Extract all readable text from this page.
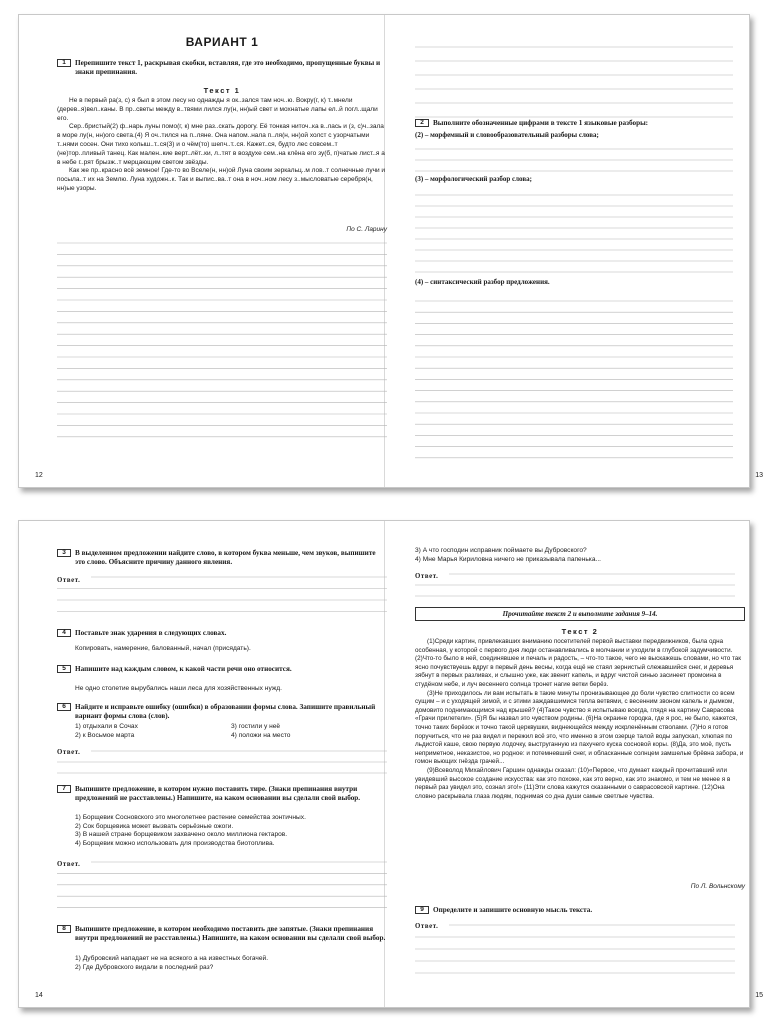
ВАРИАНТ 1
1	Перепишите текст 1, раскрывая скобки, вставляя, где это необходимо, пропущенные буквы и знаки препинания.
Текст 1

Не в первый ра(з, с) я был в этом лесу но однажды я ок..зался там ноч..ю. Вокру(г, к) т..мнели (дерев..я)вел..каны. В пр..светы между в..твями лился лу(н, нн)ый свет и мохнатые лапы ел..й погл..щали его.

Сер..бристый(2) ф..нарь луны помо(г, к) мне раз..скать дорогу. Её тонкая ниточ..ка в..лась и (з, с)ч..зала в море лу(н, нн)ого света.(4) Я оч..тился на п..ляне. Она напом..нала п..ля(н, нн)ой холст с узорчатыми т..нями сосен. Они тихо колыш..т..ся(3) и о чём(то) шепч..т..ся. Кажет..ся, будто лес совсем..т (не)тор..пливый танец. Как мален..кие верт..лёт..ки, л..тят в воздухе сем..на клёна его зу(б, п)чатые лист..я а в небе г..рят брызж..т мерцающим светом звёзды.

Как же пр..красно всё земное! Где-то во Вселе(н, нн)ой Луна своим зеркальц..м лов..т солнечные лучи и посыла..т их на Землю. Луна художн..к. Так и выпис..ва..т она в ноч..ном лесу з..мысловатые серебря(н, нн)ые узоры.

По С. Ларину
12
2	Выполните обозначенные цифрами в тексте 1 языковые разборы:
(2) – морфемный и словообразовательный разборы слова;
(3) – морфологический разбор слова;
(4) – синтаксический разбор предложения.
13
3	В выделенном предложении найдите слово, в котором буква меньше, чем звуков, выпишите это слово. Объясните причину данного явления.
Ответ.
4	Поставьте знак ударения в следующих словах.
Копировать, намерение, балованный, начал (присядать).
5	Напишите над каждым словом, к какой части речи оно относится.
Не одно столетие вырубались наши леса для хозяйственных нужд.
6	Найдите и исправьте ошибку (ошибки) в образовании формы слова. Запишите правильный вариант формы слова (слов).
1) отдыхали в Сочах	3) гостили у неё
2) к Восьмое марта	4) положи на место
Ответ.
7	Выпишите предложение, в котором нужно поставить тире. (Знаки препинания внутри предложений не расставлены.) Напишите, на каком основании вы сделали свой выбор.
1) Борщевик Сосновского это многолетнее растение семейства зонтичных.
2) Сок борщевика может вызвать серьёзные ожоги.
3) В нашей стране борщевиком захвачено около миллиона гектаров.
4) Борщевик можно использовать для производства биотоплива.
Ответ.
8	Выпишите предложение, в котором необходимо поставить две запятые. (Знаки препинания внутри предложений не расставлены.) Напишите, на каком основании вы сделали свой выбор.
1) Дубровский нападает не на всякого а на известных богачей.
2) Где Дубровского видали в последний раз?
14
3) А что господин исправник поймаете вы Дубровского?
4) Мне Марья Кириловна ничего не приказывала папенька...
Ответ.
Прочитайте текст 2 и выполните задания 9–14.
Текст 2

(1)Среди картин, привлекавших вниманию посетителей первой выставки передвижников, была одна особенная, у которой с первого дня люди останавливались в молчании и уходили в глубокой задумчивости. (2)Что-то было в ней, соединявшее и печаль и радость, – что-то такое, чего не выскажешь словами, но что так ясно почувствуешь вдруг в первый день весны, когда ещё не стаял зернистый слежавшийся снег, и деревья зябнут в первых разливах, и слышно уже, как звенит капель, и вдруг чистой синью засинеет промоина в студёном небе, и луч весеннего солнца тронет нагие ветки берёз.

(3)Не приходилось ли вам испытать в такие минуты пронизывающее до боли чувство слитности со всем сущим – и с уходящей зимой, и с этими заждавшимися тепла ветвями, с весенним звоном капель и дымком, домовито поднимающимся над крышей? (4)Такое чувство я испытываю всегда, глядя на картину Саврасова «Грачи прилетели». (5)Я бы назвал это чувством родины. (6)На окраине городка, где я рос, не было, кажется, точно таких берёзок и точно такой церквушки, виднеющейся между искрленённым стволами. (7)Но я готов поручиться, что не раз видел и пережил всё это, что именно в этом озерце талой воды запускал, хлюпая по льдистой каше, свою первую лодочку, выструганную из пахучего куска сосновой коры. (8)Да, это моё, пусть неприметное, неказистое, но родное: и потемневший снег, и обласканные солнцем замшелые брёвна забора, и гомон вьющих гнёзда грачей...

(9)Всеволод Михайлович Гаршин однажды сказал: (10)«Первое, что думает каждый прочитавший или увидевший высокое создание искусства: как это похоже, как это верно, как это знакомо, и тем не менее я в первый раз увидел это, сознал это!» (11)Эти слова кажутся сказанными о саврасовской картине. (12)Она словно раскрывала глаза людям, поднимая со дна души самые светлые чувства.

По Л. Вольнскому
9	Определите и запишите основную мысль текста.
Ответ.
15
